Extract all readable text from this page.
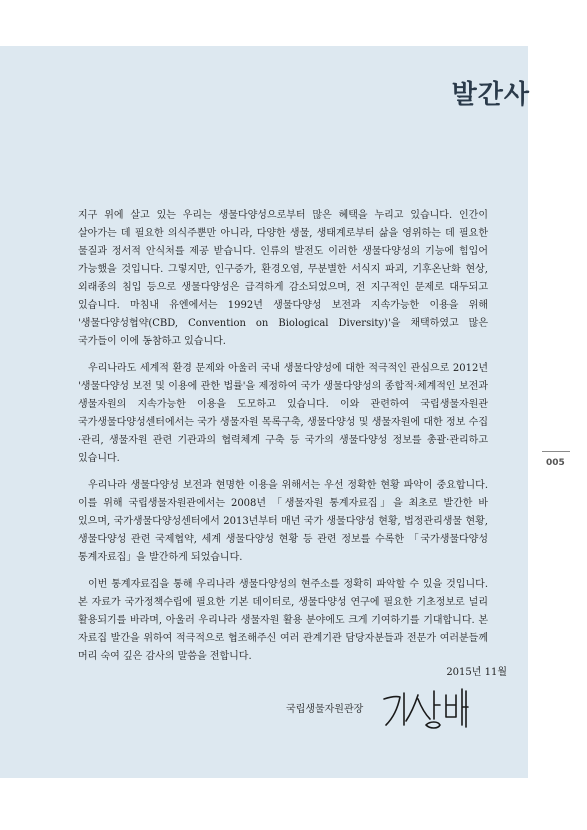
발간사

지구 위에 살고 있는 우리는 생물다양성으로부터 많은 혜택을 누리고 있습니다. 인간이 살아가는 데 필요한 의식주뿐만 아니라, 다양한 생물, 생태계로부터 삶을 영위하는 데 필요한 물질과 정서적 안식처를 제공 받습니다. 인류의 발전도 이러한 생물다양성의 기능에 힘입어 가능했을 것입니다. 그렇지만, 인구증가, 환경오염, 무분별한 서식지 파괴, 기후온난화 현상, 외래종의 침입 등으로 생물다양성은 급격하게 감소되었으며, 전 지구적인 문제로 대두되고 있습니다. 마침내 유엔에서는 1992년 생물다양성 보전과 지속가능한 이용을 위해 '생물다양성협약(CBD, Convention on Biological Diversity)'을 채택하였고 많은 국가들이 이에 동참하고 있습니다.

우리나라도 세계적 환경 문제와 아울러 국내 생물다양성에 대한 적극적인 관심으로 2012년 '생물다양성 보전 및 이용에 관한 법률'을 제정하여 국가 생물다양성의 종합적·체계적인 보전과 생물자원의 지속가능한 이용을 도모하고 있습니다. 이와 관련하여 국립생물자원관 국가생물다양성센터에서는 국가 생물자원 목록구축, 생물다양성 및 생물자원에 대한 정보 수집·관리, 생물자원 관련 기관과의 협력체계 구축 등 국가의 생물다양성 정보를 총괄·관리하고 있습니다.

우리나라 생물다양성 보전과 현명한 이용을 위해서는 우선 정확한 현황 파악이 중요합니다. 이를 위해 국립생물자원관에서는 2008년 「생물자원 통계자료집」을 최초로 발간한 바 있으며, 국가생물다양성센터에서 2013년부터 매년 국가 생물다양성 현황, 법정관리생물 현황, 생물다양성 관련 국제협약, 세계 생물다양성 현황 등 관련 정보를 수록한 「국가생물다양성 통계자료집」을 발간하게 되었습니다.

이번 통계자료집을 통해 우리나라 생물다양성의 현주소를 정확히 파악할 수 있을 것입니다. 본 자료가 국가정책수립에 필요한 기본 데이터로, 생물다양성 연구에 필요한 기초정보로 널리 활용되기를 바라며, 아울러 우리나라 생물자원 활용 분야에도 크게 기여하기를 기대합니다. 본 자료집 발간을 위하여 적극적으로 협조해주신 여러 관계기관 담당자분들과 전문가 여러분들께 머리 숙여 깊은 감사의 말씀을 전합니다.

2015년 11월
국립생물자원관장
005
